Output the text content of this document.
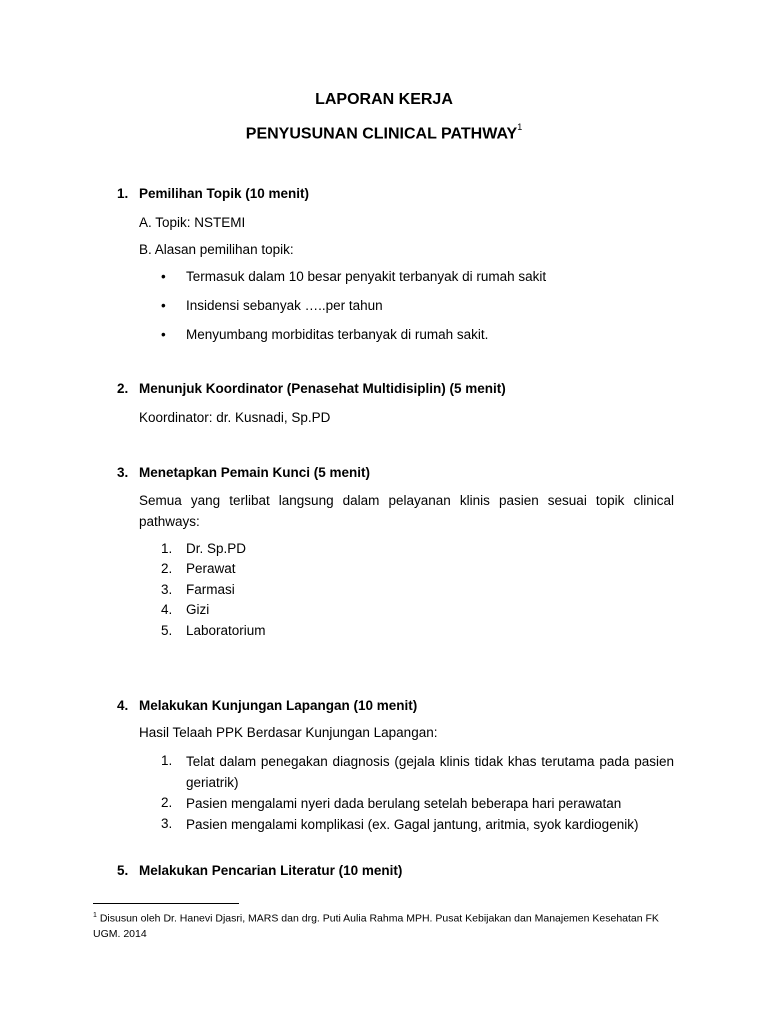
LAPORAN KERJA
PENYUSUNAN CLINICAL PATHWAY$^1$
1. Pemilihan Topik (10 menit)
A. Topik: NSTEMI
B. Alasan pemilihan topik:
• Termasuk dalam 10 besar penyakit terbanyak di rumah sakit
• Insidensi sebanyak …..per tahun
• Menyumbang morbiditas terbanyak di rumah sakit.
2. Menunjuk Koordinator (Penasehat Multidisiplin) (5 menit)
Koordinator: dr. Kusnadi, Sp.PD
3. Menetapkan Pemain Kunci (5 menit)
Semua yang terlibat langsung dalam pelayanan klinis pasien sesuai topik clinical pathways:
1. Dr. Sp.PD
2. Perawat
3. Farmasi
4. Gizi
5. Laboratorium
4. Melakukan Kunjungan Lapangan (10 menit)
Hasil Telaah PPK Berdasar Kunjungan Lapangan:
1. Telat dalam penegakan diagnosis (gejala klinis tidak khas terutama pada pasien geriatrik)
2. Pasien mengalami nyeri dada berulang setelah beberapa hari perawatan
3. Pasien mengalami komplikasi (ex. Gagal jantung, aritmia, syok kardiogenik)
5. Melakukan Pencarian Literatur (10 menit)
$^1$ Disusun oleh Dr. Hanevi Djasri, MARS dan drg. Puti Aulia Rahma MPH. Pusat Kebijakan dan Manajemen Kesehatan FK UGM. 2014
